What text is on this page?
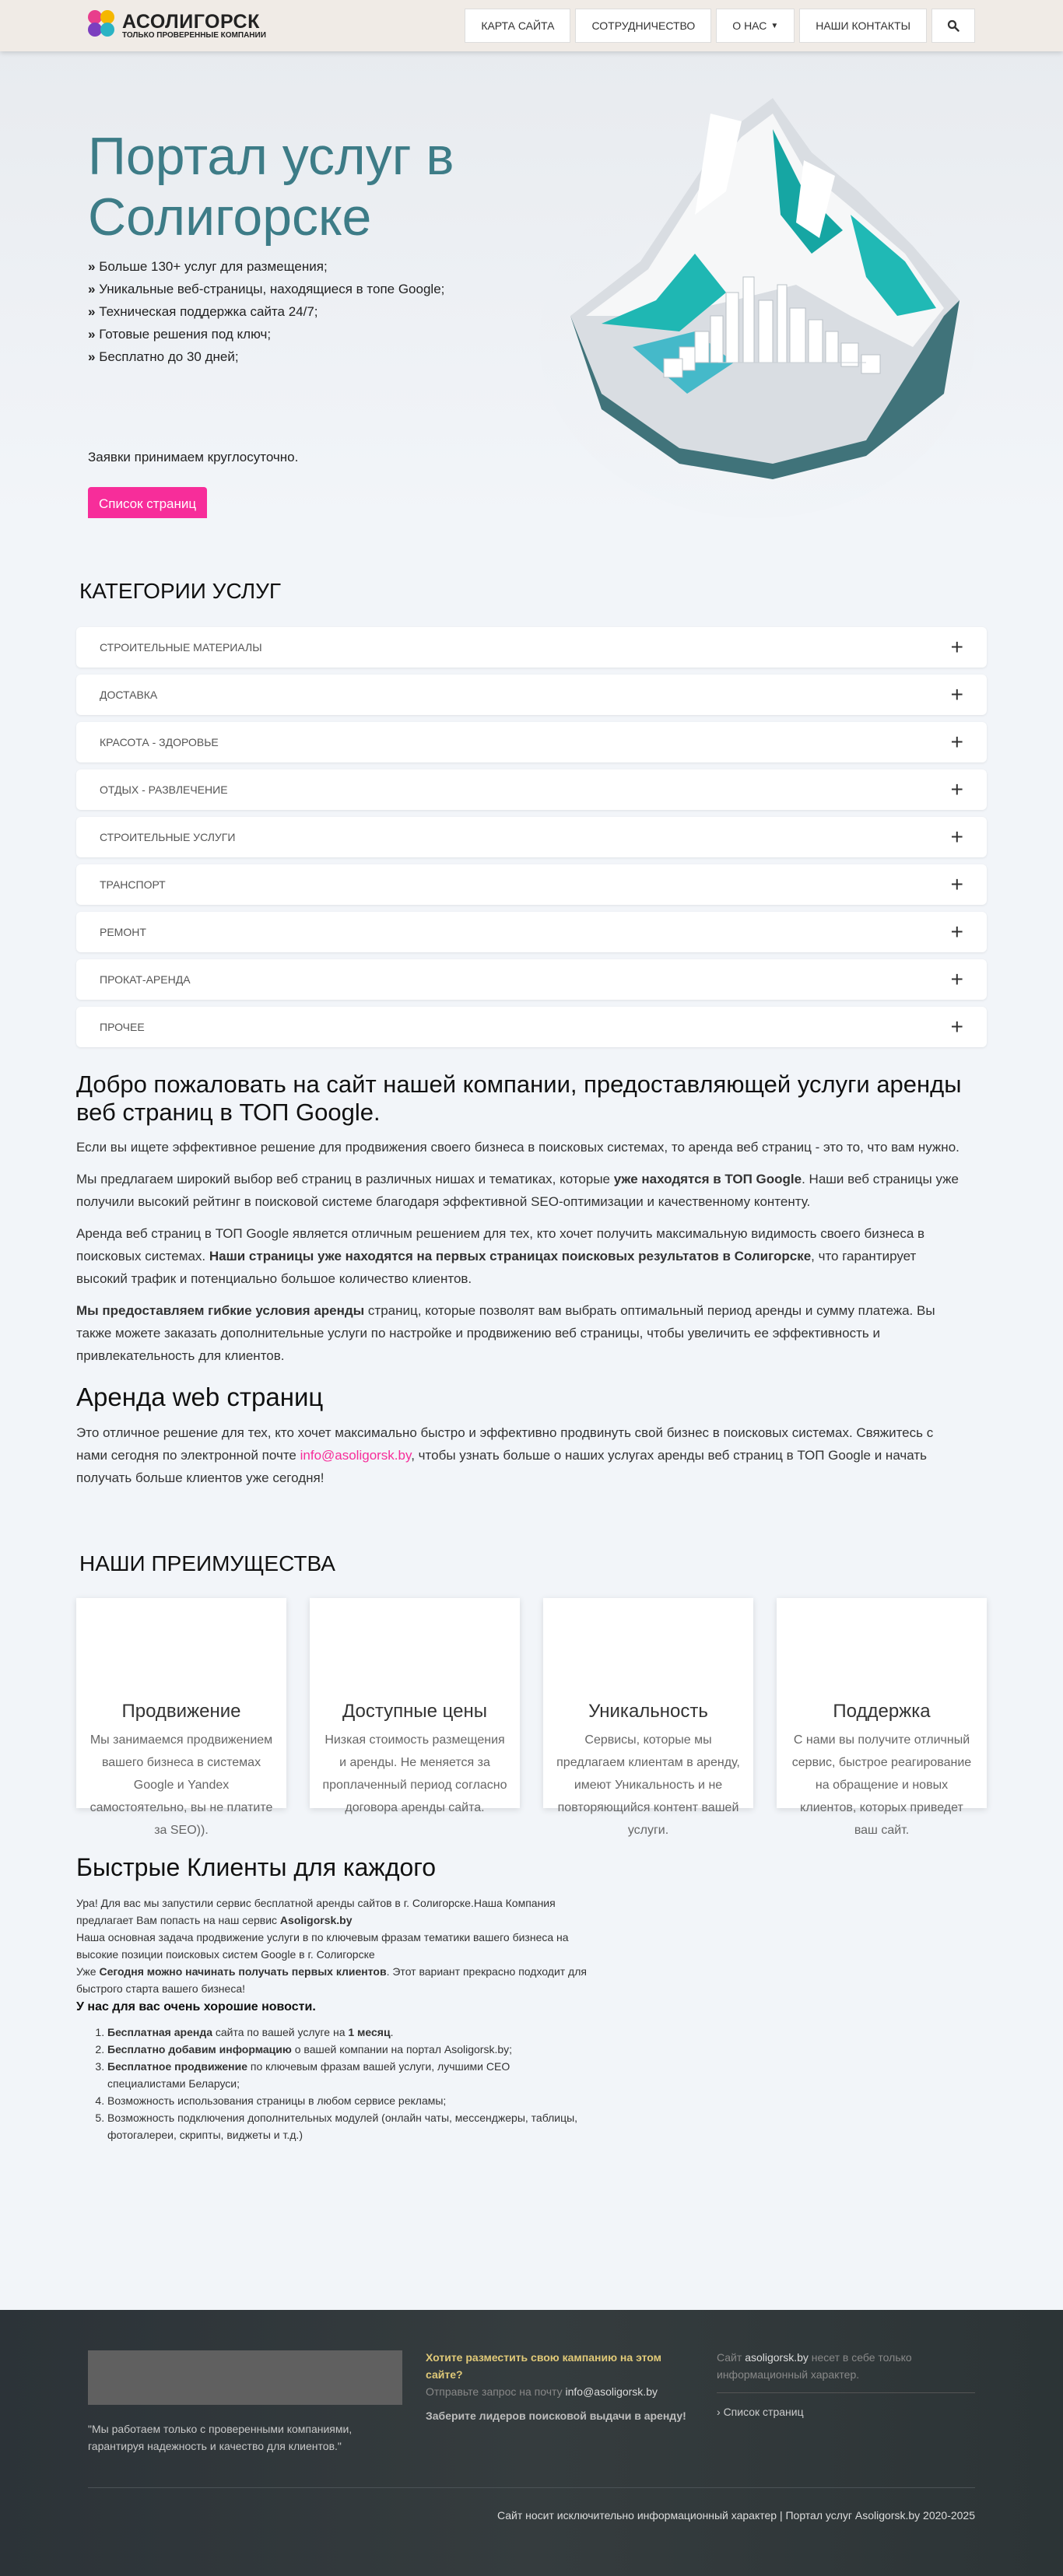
АСОЛИГОРСК
ТОЛЬКО ПРОВЕРЕННЫЕ КОМПАНИИ
КАРТА САЙТА	СОТРУДНИЧЕСТВО	О НАС ▼	НАШИ КОНТАКТЫ
Портал услуг в Солигорске
» Больше 130+ услуг для размещения;
» Уникальные веб-страницы, находящиеся в топе Google;
» Техническая поддержка сайта 24/7;
» Готовые решения под ключ;
» Бесплатно до 30 дней;

Заявки принимаем круглосуточно.

Список страниц
КАТЕГОРИИ УСЛУГ
СТРОИТЕЛЬНЫЕ МАТЕРИАЛЫ	+
ДОСТАВКА	+
КРАСОТА - ЗДОРОВЬЕ	+
ОТДЫХ - РАЗВЛЕЧЕНИЕ	+
СТРОИТЕЛЬНЫЕ УСЛУГИ	+
ТРАНСПОРТ	+
РЕМОНТ	+
ПРОКАТ-АРЕНДА	+
ПРОЧЕЕ	+
Добро пожаловать на сайт нашей компании, предоставляющей услуги аренды веб страниц в ТОП Google.

Если вы ищете эффективное решение для продвижения своего бизнеса в поисковых системах, то аренда веб страниц - это то, что вам нужно.

Мы предлагаем широкий выбор веб страниц в различных нишах и тематиках, которые уже находятся в ТОП Google. Наши веб страницы уже получили высокий рейтинг в поисковой системе благодаря эффективной SEO-оптимизации и качественному контенту.

Аренда веб страниц в ТОП Google является отличным решением для тех, кто хочет получить максимальную видимость своего бизнеса в поисковых системах. Наши страницы уже находятся на первых страницах поисковых результатов в Солигорске, что гарантирует высокий трафик и потенциально большое количество клиентов.

Мы предоставляем гибкие условия аренды страниц, которые позволят вам выбрать оптимальный период аренды и сумму платежа. Вы также можете заказать дополнительные услуги по настройке и продвижению веб страницы, чтобы увеличить ее эффективность и привлекательность для клиентов.

Аренда web страниц

Это отличное решение для тех, кто хочет максимально быстро и эффективно продвинуть свой бизнес в поисковых системах. Свяжитесь с нами сегодня по электронной почте info@asoligorsk.by, чтобы узнать больше о наших услугах аренды веб страниц в ТОП Google и начать получать больше клиентов уже сегодня!

НАШИ ПРЕИМУЩЕСТВА
Продвижение

Мы занимаемся продвижением вашего бизнеса в системах Google и Yandex самостоятельно, вы не платите за SEO)).

Доступные цены

Низкая стоимость размещения и аренды. Не меняется за проплаченный период согласно договора аренды сайта.

Уникальность

Сервисы, которые мы предлагаем клиентам в аренду, имеют Уникальность и не повторяющийся контент вашей услуги.

Поддержка

С нами вы получите отличный сервис, быстрое реагирование на обращение и новых клиентов, которых приведет ваш сайт.

Быстрые Клиенты для каждого

Ура! Для вас мы запустили сервис бесплатной аренды сайтов в г. Солигорске.Наша Компания предлагает Вам попасть на наш сервис Asoligorsk.by

Наша основная задача продвижение услуги в по ключевым фразам тематики вашего бизнеса на высокие позиции поисковых систем Google в г. Солигорске

Уже Сегодня можно начинать получать первых клиентов. Этот вариант прекрасно подходит для быстрого старта вашего бизнеса!

У нас для вас очень хорошие новости.
1. Бесплатная аренда сайта по вашей услуге на 1 месяц.
2. Бесплатно добавим информацию о вашей компании на портал Asoligorsk.by;
3. Бесплатное продвижение по ключевым фразам вашей услуги, лучшими СЕО специалистами Беларуси;
4. Возможность использования страницы в любом сервисе рекламы;
5. Возможность подключения дополнительных модулей (онлайн чаты, мессенджеры, таблицы, фотогалереи, скрипты, виджеты и т.д.)

"Мы работаем только с проверенными компаниями, гарантируя надежность и качество для клиентов."

Хотите разместить свою кампанию на этом сайте?

Отправьте запрос на почту info@asoligorsk.by

Заберите лидеров поисковой выдачи в аренду!

Сайт asoligorsk.by несет в себе только информационный характер.

› Список страниц

Сайт носит исключительно информационный характер | Портал услуг Asoligorsk.by 2020-2025
